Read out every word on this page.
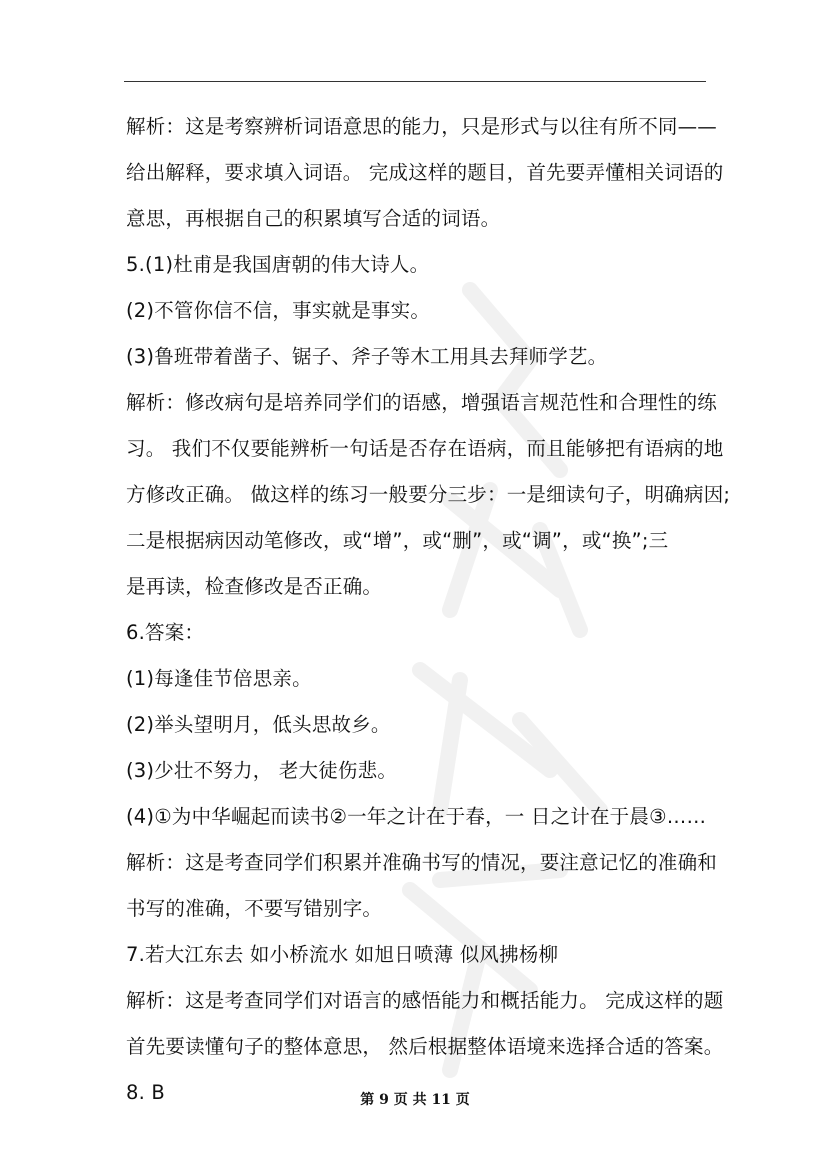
解析：这是考察辨析词语意思的能力，只是形式与以往有所不同——
给出解释，要求填入词语。 完成这样的题目，首先要弄懂相关词语的
意思，再根据自己的积累填写合适的词语。
5.(1)杜甫是我国唐朝的伟大诗人。
(2)不管你信不信，事实就是事实。
(3)鲁班带着凿子、锯子、斧子等木工用具去拜师学艺。
解析：修改病句是培养同学们的语感，增强语言规范性和合理性的练
习。 我们不仅要能辨析一句话是否存在语病，而且能够把有语病的地
方修改正确。 做这样的练习一般要分三步：一是细读句子，明确病因;
二是根据病因动笔修改，或“增”，或“删”，或“调”，或“换”;三
是再读，检查修改是否正确。
6.答案：
(1)每逢佳节倍思亲。
(2)举头望明月，低头思故乡。
(3)少壮不努力， 老大徒伤悲。
(4)①为中华崛起而读书②一年之计在于春，一 日之计在于晨③……
解析：这是考查同学们积累并准确书写的情况，要注意记忆的准确和
书写的准确，不要写错别字。
7.若大江东去 如小桥流水 如旭日喷薄 似风拂杨柳
解析：这是考查同学们对语言的感悟能力和概括能力。 完成这样的题
首先要读懂句子的整体意思， 然后根据整体语境来选择合适的答案。
8. B	第 9 页 共 11 页
